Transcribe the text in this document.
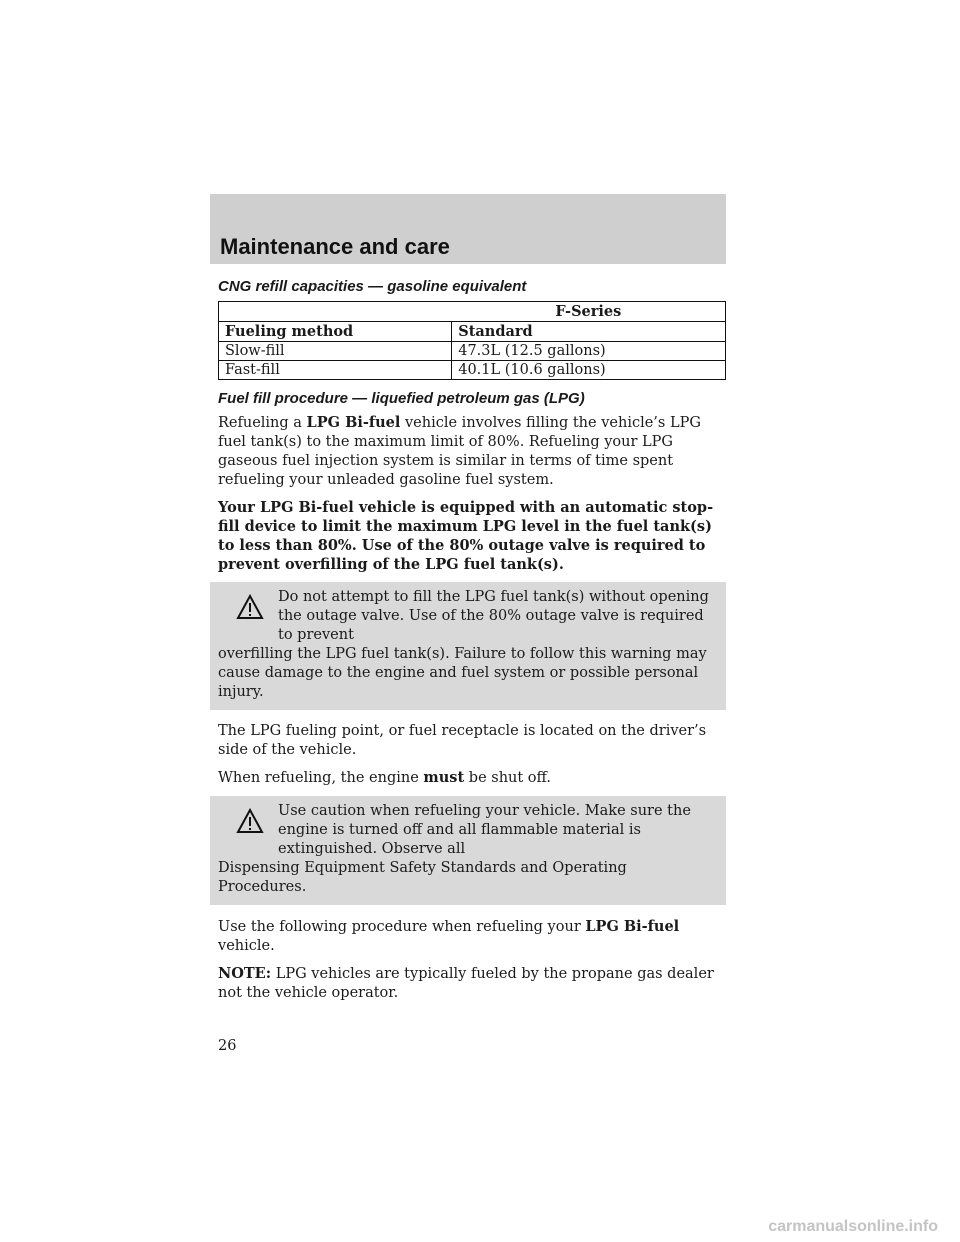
Maintenance and care
CNG refill capacities — gasoline equivalent
	F-Series
Fueling method	Standard
Slow-fill	47.3L (12.5 gallons)
Fast-fill	40.1L (10.6 gallons)
Fuel fill procedure — liquefied petroleum gas (LPG)

Refueling a LPG Bi-fuel vehicle involves filling the vehicle’s LPG fuel tank(s) to the maximum limit of 80%. Refueling your LPG gaseous fuel injection system is similar in terms of time spent refueling your unleaded gasoline fuel system.

Your LPG Bi-fuel vehicle is equipped with an automatic stop-fill device to limit the maximum LPG level in the fuel tank(s) to less than 80%. Use of the 80% outage valve is required to prevent overfilling of the LPG fuel tank(s).

Do not attempt to fill the LPG fuel tank(s) without opening the outage valve. Use of the 80% outage valve is required to prevent
overfilling the LPG fuel tank(s). Failure to follow this warning may cause damage to the engine and fuel system or possible personal injury.

The LPG fueling point, or fuel receptacle is located on the driver’s side of the vehicle.

When refueling, the engine must be shut off.

Use caution when refueling your vehicle. Make sure the engine is turned off and all flammable material is extinguished. Observe all
Dispensing Equipment Safety Standards and Operating Procedures.

Use the following procedure when refueling your LPG Bi-fuel vehicle.

NOTE: LPG vehicles are typically fueled by the propane gas dealer not the vehicle operator.

26
carmanualsonline.info
